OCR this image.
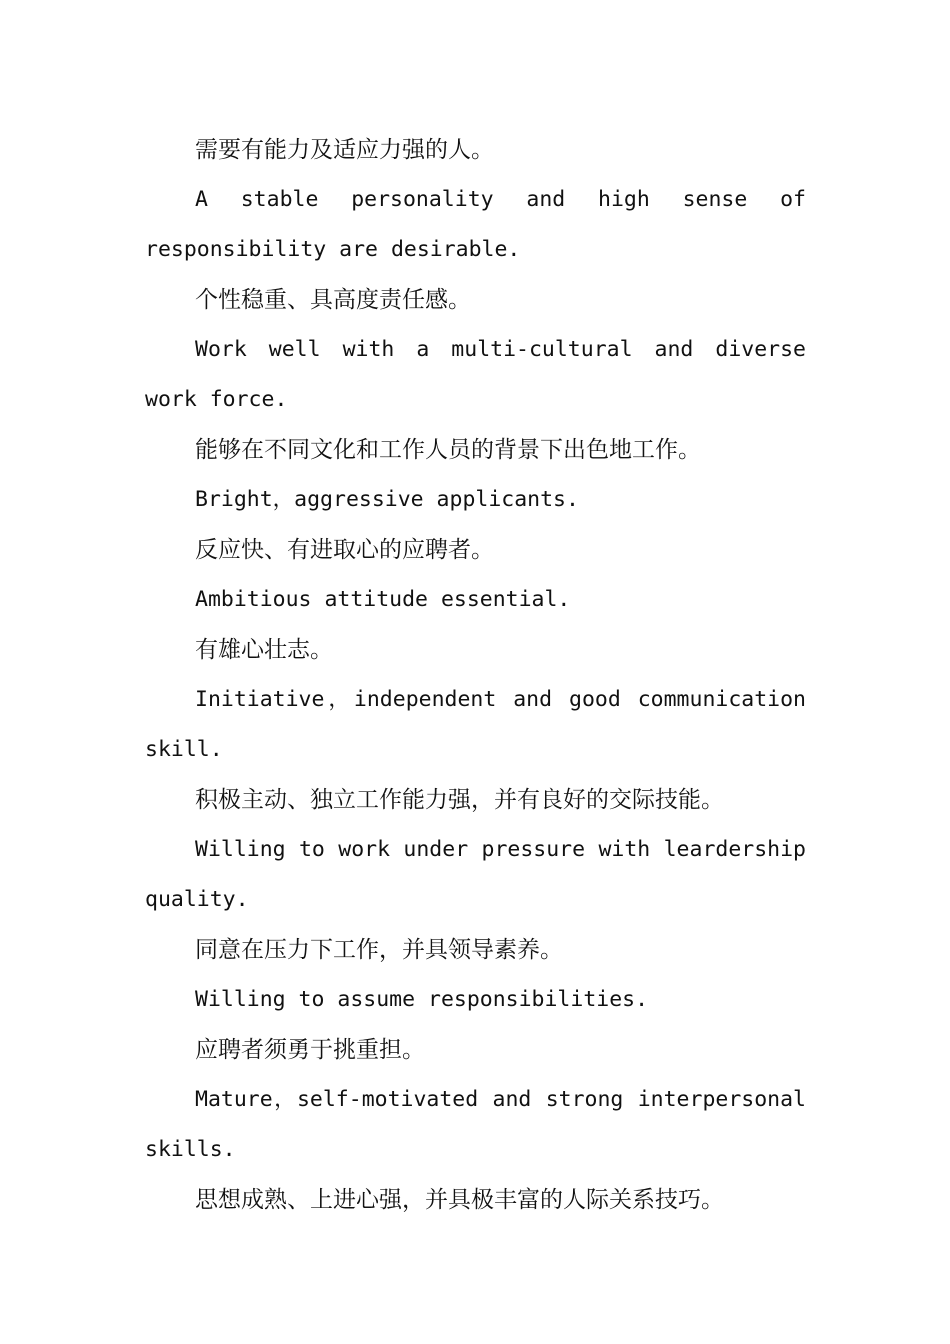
需要有能力及适应力强的人。

A stable personality and high sense of responsibility are desirable.

个性稳重、具高度责任感。

Work well with a multi-cultural and diverse work force.

能够在不同文化和工作人员的背景下出色地工作。

Bright，aggressive applicants.

反应快、有进取心的应聘者。

Ambitious attitude essential.

有雄心壮志。

Initiative，independent and good communication skill.

积极主动、独立工作能力强，并有良好的交际技能。

Willing to work under pressure with leardership quality.

同意在压力下工作，并具领导素养。

Willing to assume responsibilities.

应聘者须勇于挑重担。

Mature，self-motivated and strong interpersonal skills.

思想成熟、上进心强，并具极丰富的人际关系技巧。
